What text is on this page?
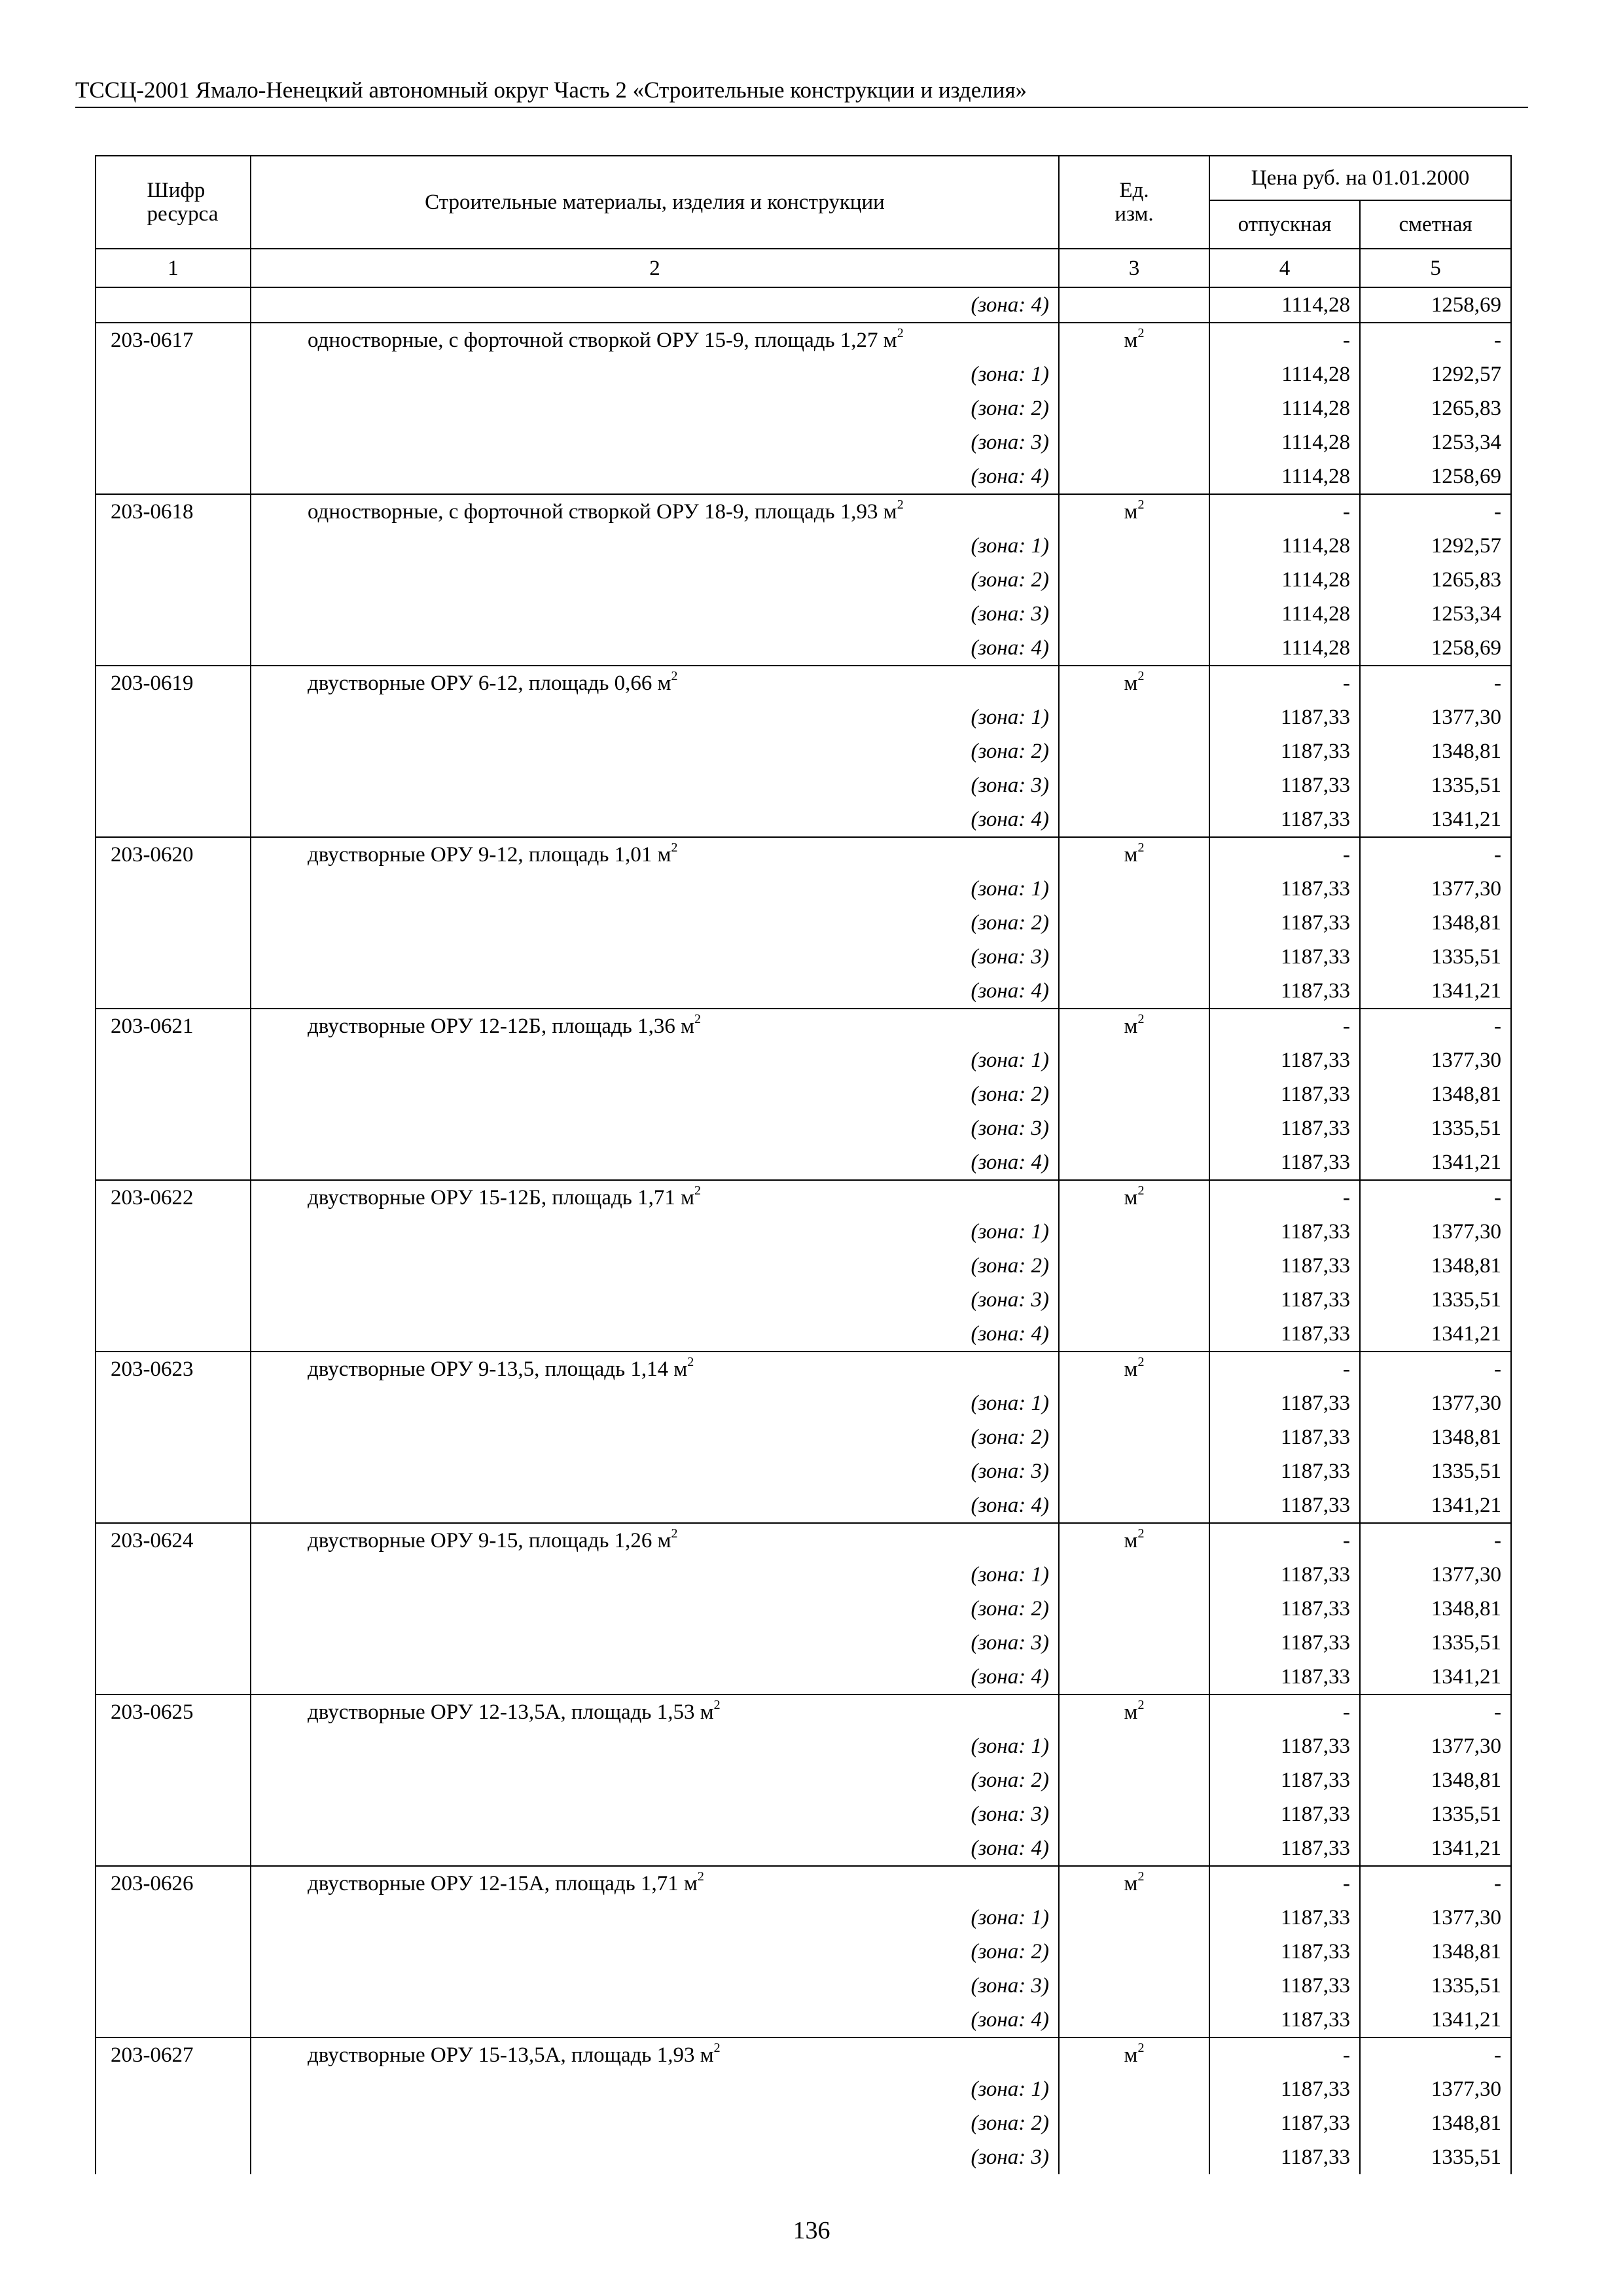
ТССЦ-2001 Ямало-Ненецкий автономный округ Часть 2 «Строительные конструкции и изделия»
Шифр ресурса	Строительные материалы, изделия и конструкции	Ед. изм.	Цена руб. на 01.01.2000	
			отпускная	сметная
1	2	3	4	5
	(зона: 4)		1114,28	1258,69
203-0617	одностворные, с форточной створкой ОРУ 15-9, площадь 1,27 $м^2$	$м^2$	-	-
	(зона: 1)		1114,28	1292,57
	(зона: 2)		1114,28	1265,83
	(зона: 3)		1114,28	1253,34
	(зона: 4)		1114,28	1258,69
203-0618	одностворные, с форточной створкой ОРУ 18-9, площадь 1,93 $м^2$	$м^2$	-	-
	(зона: 1)		1114,28	1292,57
	(зона: 2)		1114,28	1265,83
	(зона: 3)		1114,28	1253,34
	(зона: 4)		1114,28	1258,69
203-0619	двустворные ОРУ 6-12, площадь 0,66 $м^2$	$м^2$	-	-
	(зона: 1)		1187,33	1377,30
	(зона: 2)		1187,33	1348,81
	(зона: 3)		1187,33	1335,51
	(зона: 4)		1187,33	1341,21
203-0620	двустворные ОРУ 9-12, площадь 1,01 $м^2$	$м^2$	-	-
	(зона: 1)		1187,33	1377,30
	(зона: 2)		1187,33	1348,81
	(зона: 3)		1187,33	1335,51
	(зона: 4)		1187,33	1341,21
203-0621	двустворные ОРУ 12-12Б, площадь 1,36 $м^2$	$м^2$	-	-
	(зона: 1)		1187,33	1377,30
	(зона: 2)		1187,33	1348,81
	(зона: 3)		1187,33	1335,51
	(зона: 4)		1187,33	1341,21
203-0622	двустворные ОРУ 15-12Б, площадь 1,71 $м^2$	$м^2$	-	-
	(зона: 1)		1187,33	1377,30
	(зона: 2)		1187,33	1348,81
	(зона: 3)		1187,33	1335,51
	(зона: 4)		1187,33	1341,21
203-0623	двустворные ОРУ 9-13,5, площадь 1,14 $м^2$	$м^2$	-	-
	(зона: 1)		1187,33	1377,30
	(зона: 2)		1187,33	1348,81
	(зона: 3)		1187,33	1335,51
	(зона: 4)		1187,33	1341,21
203-0624	двустворные ОРУ 9-15, площадь 1,26 $м^2$	$м^2$	-	-
	(зона: 1)		1187,33	1377,30
	(зона: 2)		1187,33	1348,81
	(зона: 3)		1187,33	1335,51
	(зона: 4)		1187,33	1341,21
203-0625	двустворные ОРУ 12-13,5А, площадь 1,53 $м^2$	$м^2$	-	-
	(зона: 1)		1187,33	1377,30
	(зона: 2)		1187,33	1348,81
	(зона: 3)		1187,33	1335,51
	(зона: 4)		1187,33	1341,21
203-0626	двустворные ОРУ 12-15А, площадь 1,71 $м^2$	$м^2$	-	-
	(зона: 1)		1187,33	1377,30
	(зона: 2)		1187,33	1348,81
	(зона: 3)		1187,33	1335,51
	(зона: 4)		1187,33	1341,21
203-0627	двустворные ОРУ 15-13,5А, площадь 1,93 $м^2$	$м^2$	-	-
	(зона: 1)		1187,33	1377,30
	(зона: 2)		1187,33	1348,81
	(зона: 3)		1187,33	1335,51
136
